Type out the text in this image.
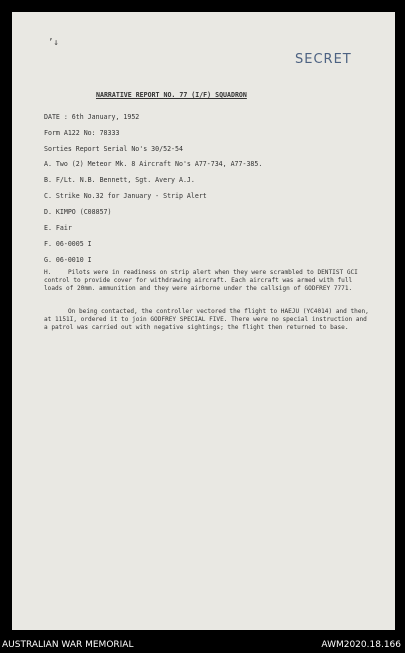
’↓
SECRET
NARRATIVE REPORT NO. 77 (I/F) SQUADRON
DATE : 6th January, 1952
Form A122 No: 78333
Sorties Report Serial No's 30/52-54
A. Two (2) Meteor Mk. 8 Aircraft No's A77-734, A77-385.
B. F/Lt. N.B. Bennett, Sgt. Avery A.J.
C. Strike No.32 for January - Strip Alert
D. KIMPO (C08857)
E. Fair
F. 06-0005 I
G. 06-0010 I
H.	Pilots were in readiness on strip alert when they were scrambled to DENTIST GCI control to provide cover for withdrawing aircraft. Each aircraft was armed with full loads of 20mm. ammunition and they were airborne under the callsign of GODFREY 7771.
On being contacted, the controller vectored the flight to HAEJU (YC4014) and then, at 1151I, ordered it to join GODFREY SPECIAL FIVE. There were no special instruction and a patrol was carried out with negative sightings; the flight then returned to base.
AUSTRALIAN WAR MEMORIAL	AWM2020.18.166
